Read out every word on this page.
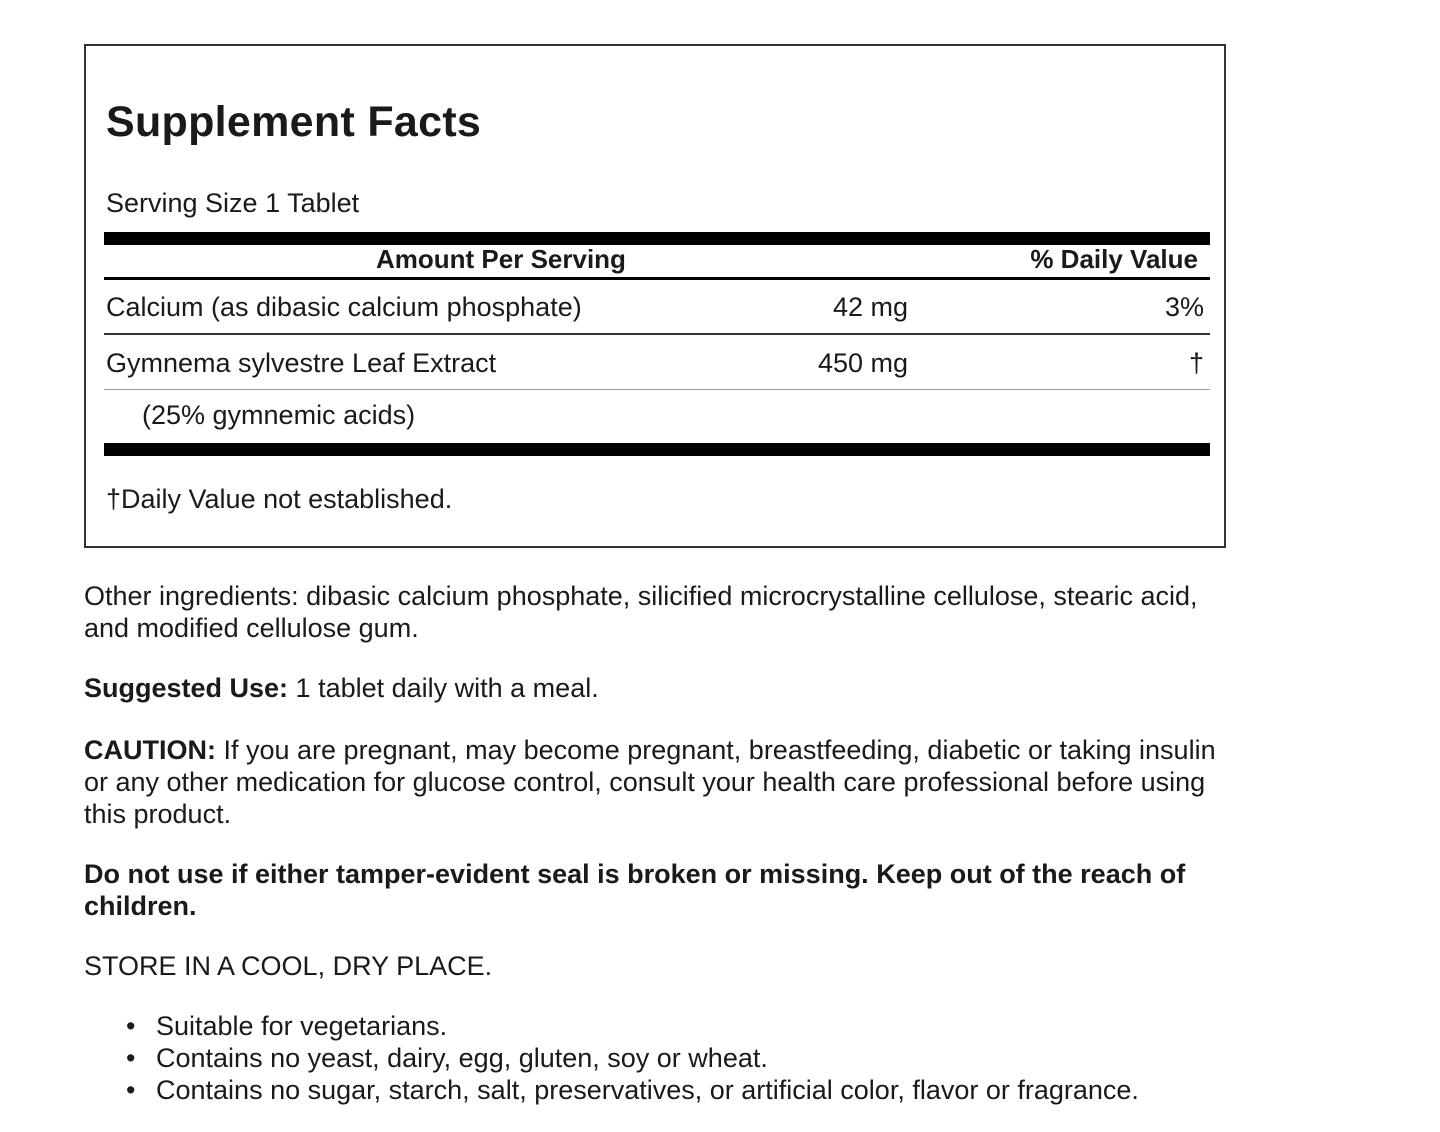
Supplement Facts
Serving Size 1 Tablet
Amount Per Serving	% Daily Value
Calcium (as dibasic calcium phosphate)	42 mg	3%
Gymnema sylvestre Leaf Extract	450 mg	†
(25% gymnemic acids)
†Daily Value not established.
Other ingredients: dibasic calcium phosphate, silicified microcrystalline cellulose, stearic acid, and modified cellulose gum.
Suggested Use: 1 tablet daily with a meal.
CAUTION: If you are pregnant, may become pregnant, breastfeeding, diabetic or taking insulin or any other medication for glucose control, consult your health care professional before using this product.
Do not use if either tamper-evident seal is broken or missing. Keep out of the reach of children.
STORE IN A COOL, DRY PLACE.
• Suitable for vegetarians.
• Contains no yeast, dairy, egg, gluten, soy or wheat.
• Contains no sugar, starch, salt, preservatives, or artificial color, flavor or fragrance.
